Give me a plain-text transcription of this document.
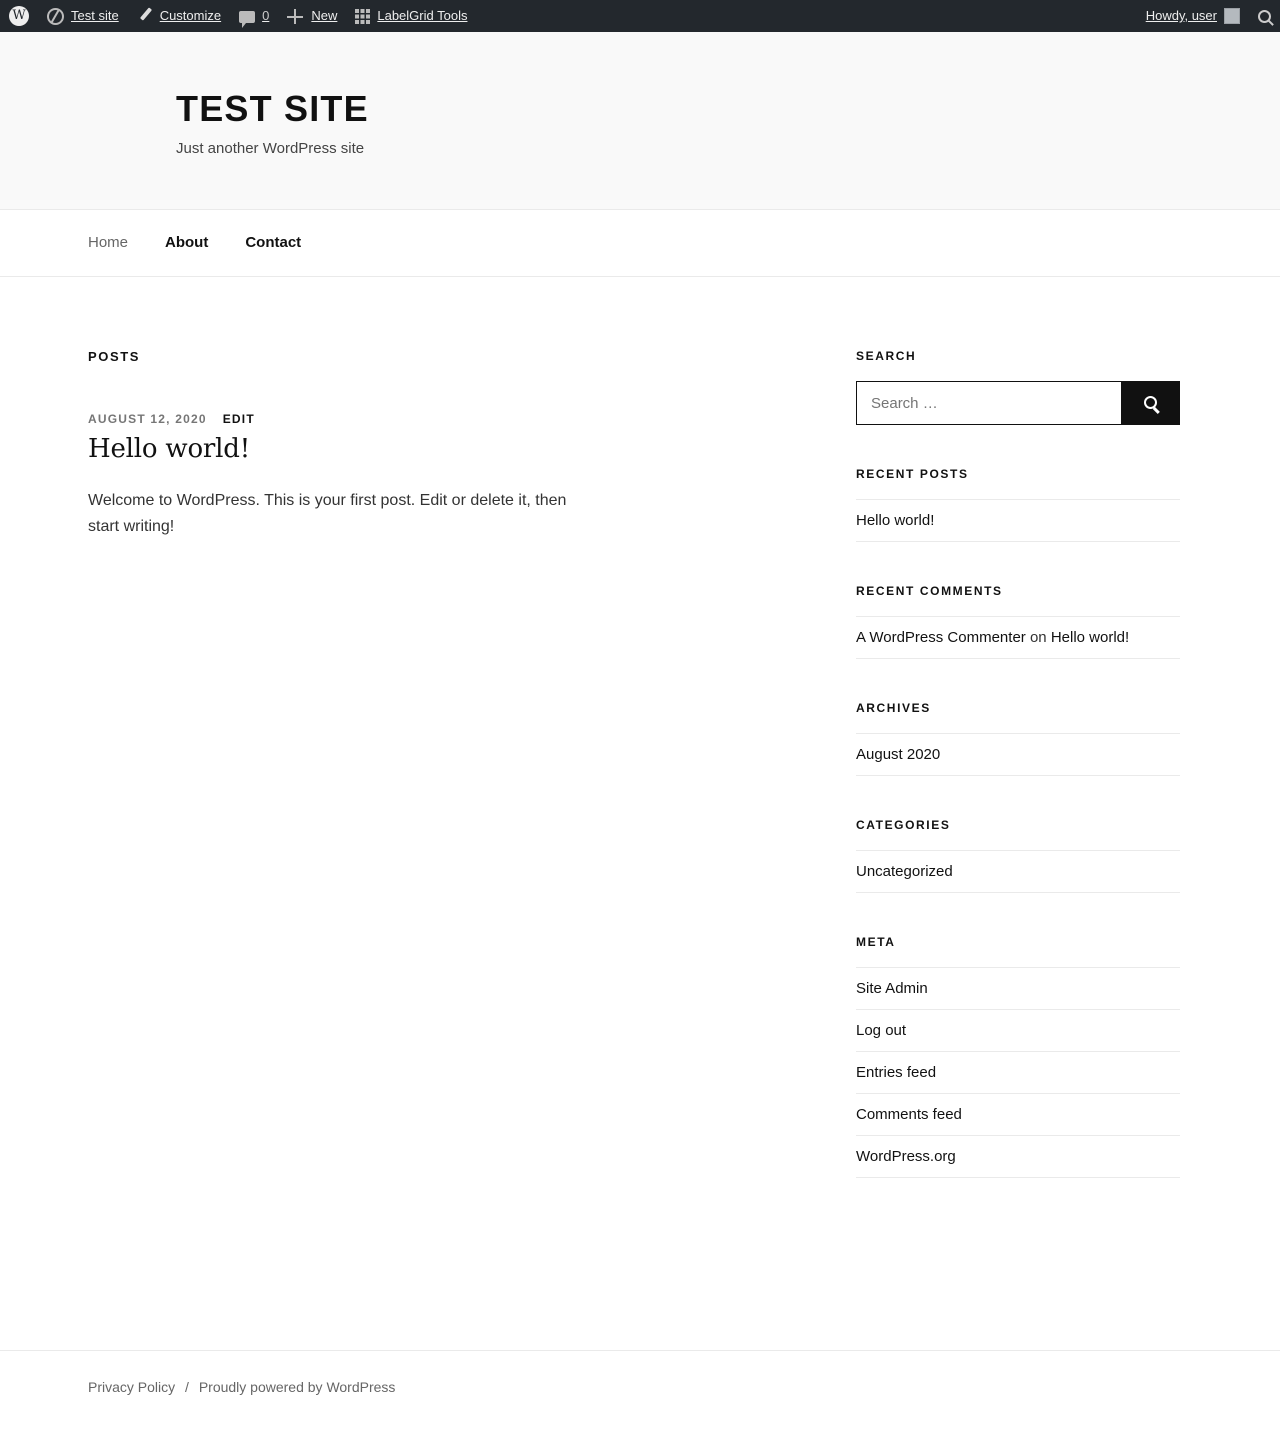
W
Test site	Customize	0	New	LabelGrid Tools	Howdy, user
TEST SITE

Just another WordPress site

Home About Contact
POSTS
AUGUST 12, 2020 EDIT
Hello world!

Welcome to WordPress. This is your first post. Edit or delete it, then start writing!

SEARCH
Search …
RECENT POSTS
Hello world!
RECENT COMMENTS
A WordPress Commenter on Hello world!
ARCHIVES
August 2020
CATEGORIES
Uncategorized
META
Site Admin
Log out
Entries feed
Comments feed
WordPress.org
Privacy Policy / Proudly powered by WordPress
